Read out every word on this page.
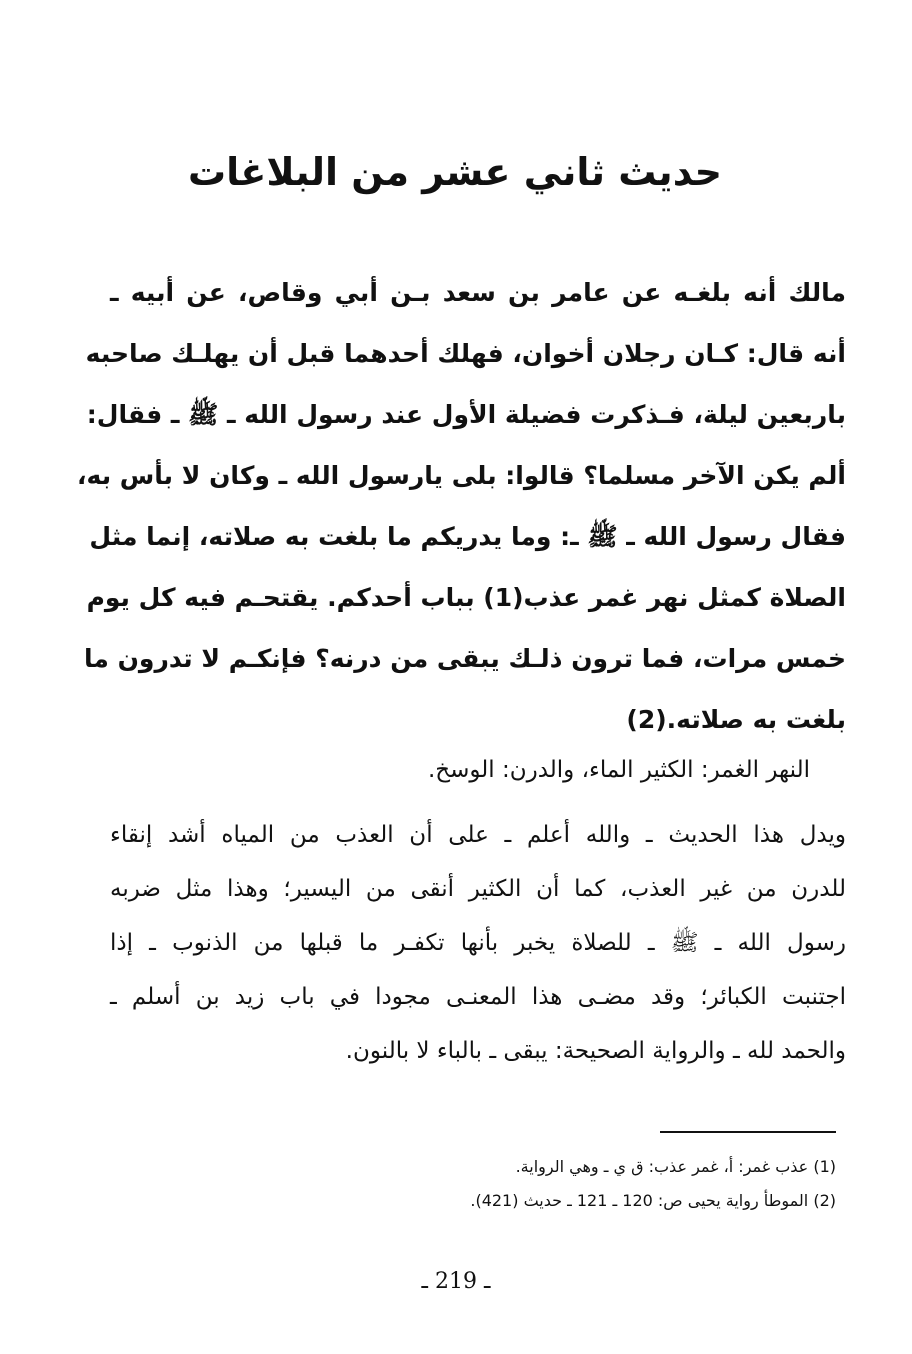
حديث ثاني عشر من البلاغات
مالك أنه بلغـه عن عامر بن سعد بـن أبي وقاص، عن أبيه ـ
أنه قال: كـان رجلان أخوان، فهلك أحدهما قبل أن يهلـك صاحبه
باربعين ليلة، فـذكرت فضيلة الأول عند رسول الله ـ ﷺ ـ فقال:
ألم يكن الآخر مسلما؟ قالوا: بلى يارسول الله ـ وكان لا بأس به،
فقال رسول الله ـ ﷺ ـ: وما يدريكم ما بلغت به صلاته، إنما مثل
الصلاة كمثل نهر غمر عذب(1) بباب أحدكم. يقتحـم فيه كل يوم
خمس مرات، فما ترون ذلـك يبقى من درنه؟ فإنكـم لا تدرون ما
بلغت به صلاته.(2)
النهر الغمر: الكثير الماء، والدرن: الوسخ.
ويدل هذا الحديث ـ والله أعلم ـ على أن العذب من المياه أشد إنقاء
للدرن من غير العذب، كما أن الكثير أنقى من اليسير؛ وهذا مثل ضربه
رسول الله ـ ﷺ ـ للصلاة يخبر بأنها تكفـر ما قبلها من الذنوب ـ إذا
اجتنبت الكبائر؛ وقد مضـى هذا المعنـى مجودا في باب زيد بن أسلم ـ
والحمد لله ـ والرواية الصحيحة: يبقى ـ بالباء لا بالنون.
(1) عذب غمر: أ، غمر عذب: ق ي ـ وهي الرواية.
(2) الموطأ رواية يحيى ص: 120 ـ 121 ـ حديث (421).
ـ 219 ـ
